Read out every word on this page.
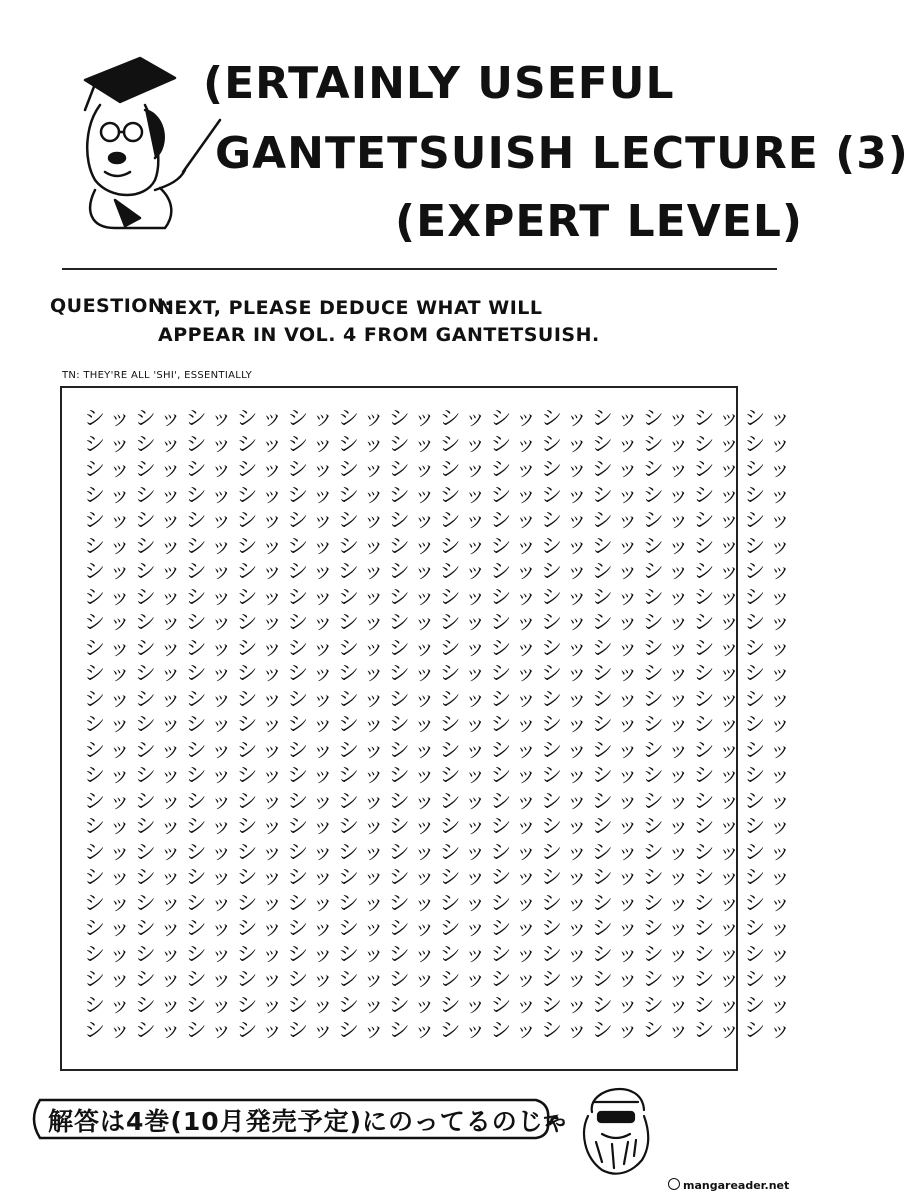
(ERTAINLY USEFUL
GANTETSUISH LECTURE (3)
(EXPERT LEVEL)
QUESTION:
NEXT, PLEASE DEDUCE WHAT WILL APPEAR IN VOL. 4 FROM GANTETSUISH.
TN: THEY'RE ALL 'SHI', ESSENTIALLY
シッシッシッシッシッシッシッシッシッシッシッシッシッシッ
シッシッシッシッシッシッシッシッシッシッシッシッシッシッ
シッシッシッシッシッシッシッシッシッシッシッシッシッシッ
シッシッシッシッシッシッシッシッシッシッシッシッシッシッ
シッシッシッシッシッシッシッシッシッシッシッシッシッシッ
シッシッシッシッシッシッシッシッシッシッシッシッシッシッ
シッシッシッシッシッシッシッシッシッシッシッシッシッシッ
シッシッシッシッシッシッシッシッシッシッシッシッシッシッ
シッシッシッシッシッシッシッシッシッシッシッシッシッシッ
シッシッシッシッシッシッシッシッシッシッシッシッシッシッ
シッシッシッシッシッシッシッシッシッシッシッシッシッシッ
シッシッシッシッシッシッシッシッシッシッシッシッシッシッ
シッシッシッシッシッシッシッシッシッシッシッシッシッシッ
シッシッシッシッシッシッシッシッシッシッシッシッシッシッ
シッシッシッシッシッシッシッシッシッシッシッシッシッシッ
シッシッシッシッシッシッシッシッシッシッシッシッシッシッ
シッシッシッシッシッシッシッシッシッシッシッシッシッシッ
シッシッシッシッシッシッシッシッシッシッシッシッシッシッ
シッシッシッシッシッシッシッシッシッシッシッシッシッシッ
シッシッシッシッシッシッシッシッシッシッシッシッシッシッ
シッシッシッシッシッシッシッシッシッシッシッシッシッシッ
シッシッシッシッシッシッシッシッシッシッシッシッシッシッ
シッシッシッシッシッシッシッシッシッシッシッシッシッシッ
シッシッシッシッシッシッシッシッシッシッシッシッシッシッ
シッシッシッシッシッシッシッシッシッシッシッシッシッシッ
解答は4巻(10月発売予定)にのってるのじゃ
mangareader.net
